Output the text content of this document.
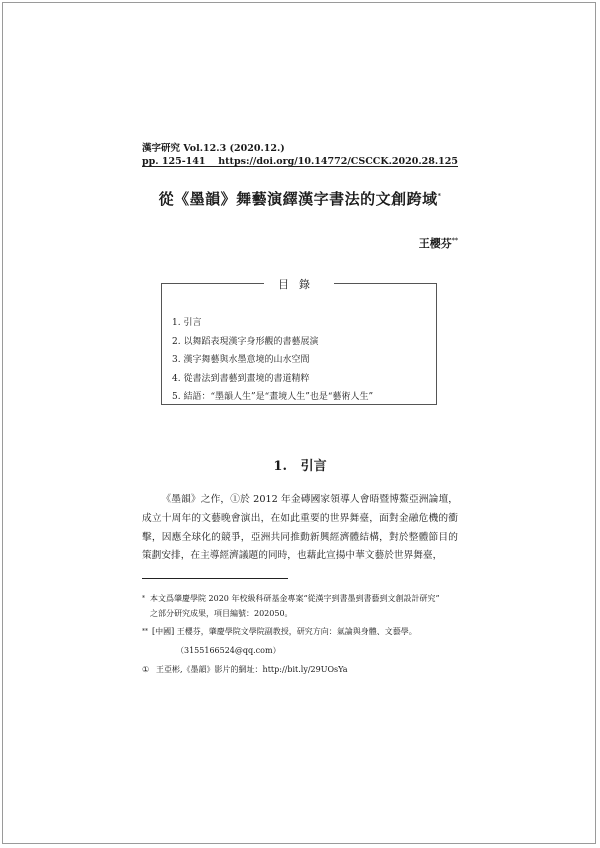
漢字研究 Vol.12.3 (2020.12.)
pp. 125-141 https://doi.org/10.14772/CSCCK.2020.28.125
從《墨韻》舞藝演繹漢字書法的文創跨域*
王櫻芬**
目錄
1. 引言
2. 以舞蹈表現漢字身形觀的書藝展演
3. 漢字舞藝與水墨意境的山水空間
4. 從書法到書藝到畫境的書道精粹
5. 結語：“墨韻人生”是“畫境人生”也是“藝術人生”
1. 引言

《墨韻》之作，①於 2012 年金磚國家領導人會晤暨博鰲亞洲論壇，成立十周年的文藝晚會演出，在如此重要的世界舞臺，面對金融危機的衝擊，因應全球化的競爭，亞洲共同推動新興經濟體結構，對於整體節目的策劃安排，在主導經濟議題的同時，也藉此宣揚中華文藝於世界舞臺，

* 本文爲肇慶學院 2020 年校級科研基金專案“從漢字到書墨到書藝到文創設計研究”
之部分研究成果，項目編號：202050。
** [中國] 王櫻芬，肇慶學院文學院副教授，研究方向：氣論與身體、文藝學。
（3155166524@qq.com）
① 王亞彬,《墨韻》影片的網址：http://bit.ly/29UOsYa
